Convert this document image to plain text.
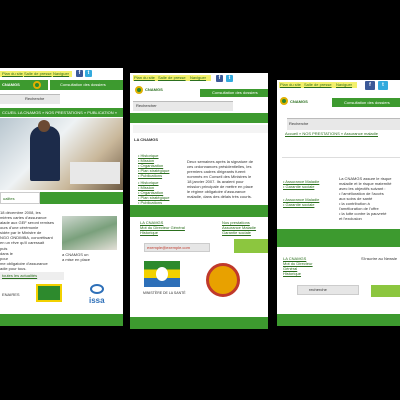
Plan du site Salle de presse Naviguer	f	t
CNAMGS	Consultation des dossiers
Recherche
CCUEIL LA CNAMGS » NOS PRESTATIONS » PUBLICATION »
ualites
18 décembre 2008, les
mières cartes d'assurance
alade aux GEF seront remises
ours d'une cérémonie
sidée par le Ministre de
NGO ONDIMBA, concrétisant
en un rêve qu'il caressait
a CNAMGS un
a mise en place
puis
dans le
pour
me obligatoire d'assurance
adie pour tous.
toutes les actualités
ENAIRES
issa
Plan du site Salle de presse Naviguer	f	t
CNAMGS
Consultation des dossiers
Rechercher
LA CNAMGS
• Historique
• Mission
• Organisation
• Plan stratégique
• Publications
• Historique
• Mission
• Organisation
• Plan stratégique
• Publications
Deux semaines après la signature de
ces ordonnances présidentielles, les
premiers cadres dirigeants furent
nommés en Conseil des Ministres le
18 janvier 2007. Ils avaient pour
mission principale de mettre en place
le régime obligatoire d'assurance
maladie, dans des délais très courts.
LA CNAMGS
Mot du Directeur Général
Historique
Nos prestations
Assurance Maladie
Garantie sociale
exemple@exemple.com
MINISTÈRE DE LA SANTÉ
Plan du site Salle de presse Naviguer	f	t
CNAMGS	Consultation des dossiers
Recherche
Accueil » NOS PRESTATIONS » Assurance maladie
• Assurance Maladie
• Garantie sociale
• Assurance Maladie
• Garantie sociale
La CNAMGS assure le risque
maladie et le risque maternité
avec les objectifs suivant :
• l'amélioration de l'accès
aux soins de santé
• la contribution à
l'amélioration de l'offre
• la lutte contre la pauvreté
et l'exclusion
LA CNAMGS
Mot du Directeur
Général
Historique
S'inscrire au Newsle
recherche
